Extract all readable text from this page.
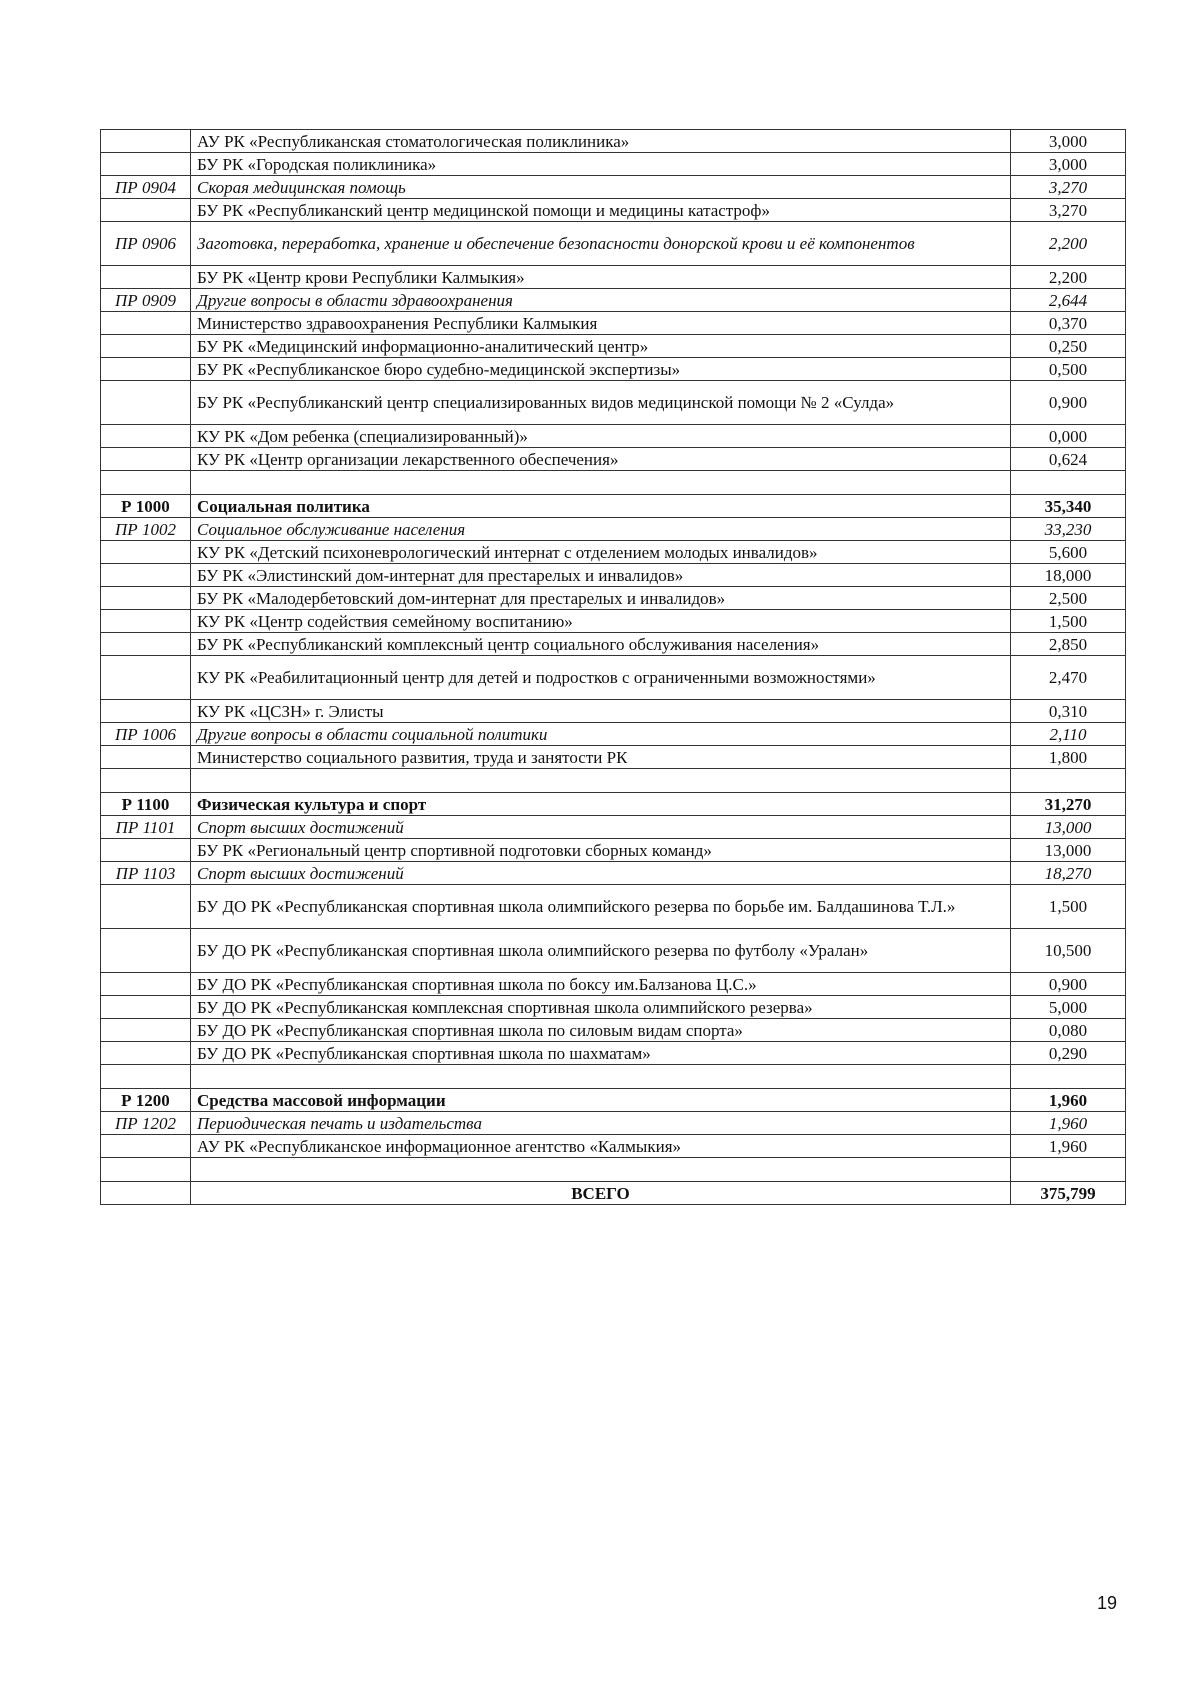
	АУ РК «Республиканская стоматологическая поликлиника»	3,000
	БУ РК «Городская поликлиника»	3,000
ПР 0904	Скорая медицинская помощь	3,270
	БУ РК «Республиканский центр медицинской помощи и медицины катастроф»	3,270
ПР 0906	Заготовка, переработка, хранение и обеспечение безопасности донорской крови и её компонентов	2,200
	БУ РК «Центр крови Республики Калмыкия»	2,200
ПР 0909	Другие вопросы в области здравоохранения	2,644
	Министерство здравоохранения Республики Калмыкия	0,370
	БУ РК «Медицинский информационно-аналитический центр»	0,250
	БУ РК «Республиканское бюро судебно-медицинской экспертизы»	0,500
	БУ РК «Республиканский центр специализированных видов медицинской помощи № 2 «Сулда»	0,900
	КУ РК «Дом ребенка (специализированный)»	0,000
	КУ РК «Центр организации лекарственного обеспечения»	0,624

Р 1000	Социальная политика	35,340
ПР 1002	Социальное обслуживание населения	33,230
	КУ РК «Детский психоневрологический интернат с отделением молодых инвалидов»	5,600
	БУ РК «Элистинский дом-интернат для престарелых и инвалидов»	18,000
	БУ РК «Малодербетовский дом-интернат для престарелых и инвалидов»	2,500
	КУ РК «Центр содействия семейному воспитанию»	1,500
	БУ РК «Республиканский комплексный центр социального обслуживания населения»	2,850
	КУ РК «Реабилитационный центр для детей и подростков с ограниченными возможностями»	2,470
	КУ РК «ЦСЗН» г. Элисты	0,310
ПР 1006	Другие вопросы в области социальной политики	2,110
	Министерство социального развития, труда и занятости РК	1,800

Р 1100	Физическая культура и спорт	31,270
ПР 1101	Спорт высших достижений	13,000
	БУ РК «Региональный центр спортивной подготовки сборных команд»	13,000
ПР 1103	Спорт высших достижений	18,270
	БУ ДО РК «Республиканская спортивная школа олимпийского резерва по борьбе им. Балдашинова Т.Л.»	1,500
	БУ ДО РК «Республиканская спортивная школа олимпийского резерва по футболу «Уралан»	10,500
	БУ ДО РК «Республиканская спортивная школа по боксу им.Балзанова Ц.С.»	0,900
	БУ ДО РК «Республиканская комплексная спортивная школа олимпийского резерва»	5,000
	БУ ДО РК «Республиканская спортивная школа по силовым видам спорта»	0,080
	БУ ДО РК «Республиканская спортивная школа по шахматам»	0,290

Р 1200	Средства массовой информации	1,960
ПР 1202	Периодическая печать и издательства	1,960
	АУ РК «Республиканское информационное агентство «Калмыкия»	1,960

	ВСЕГО	375,799
19
